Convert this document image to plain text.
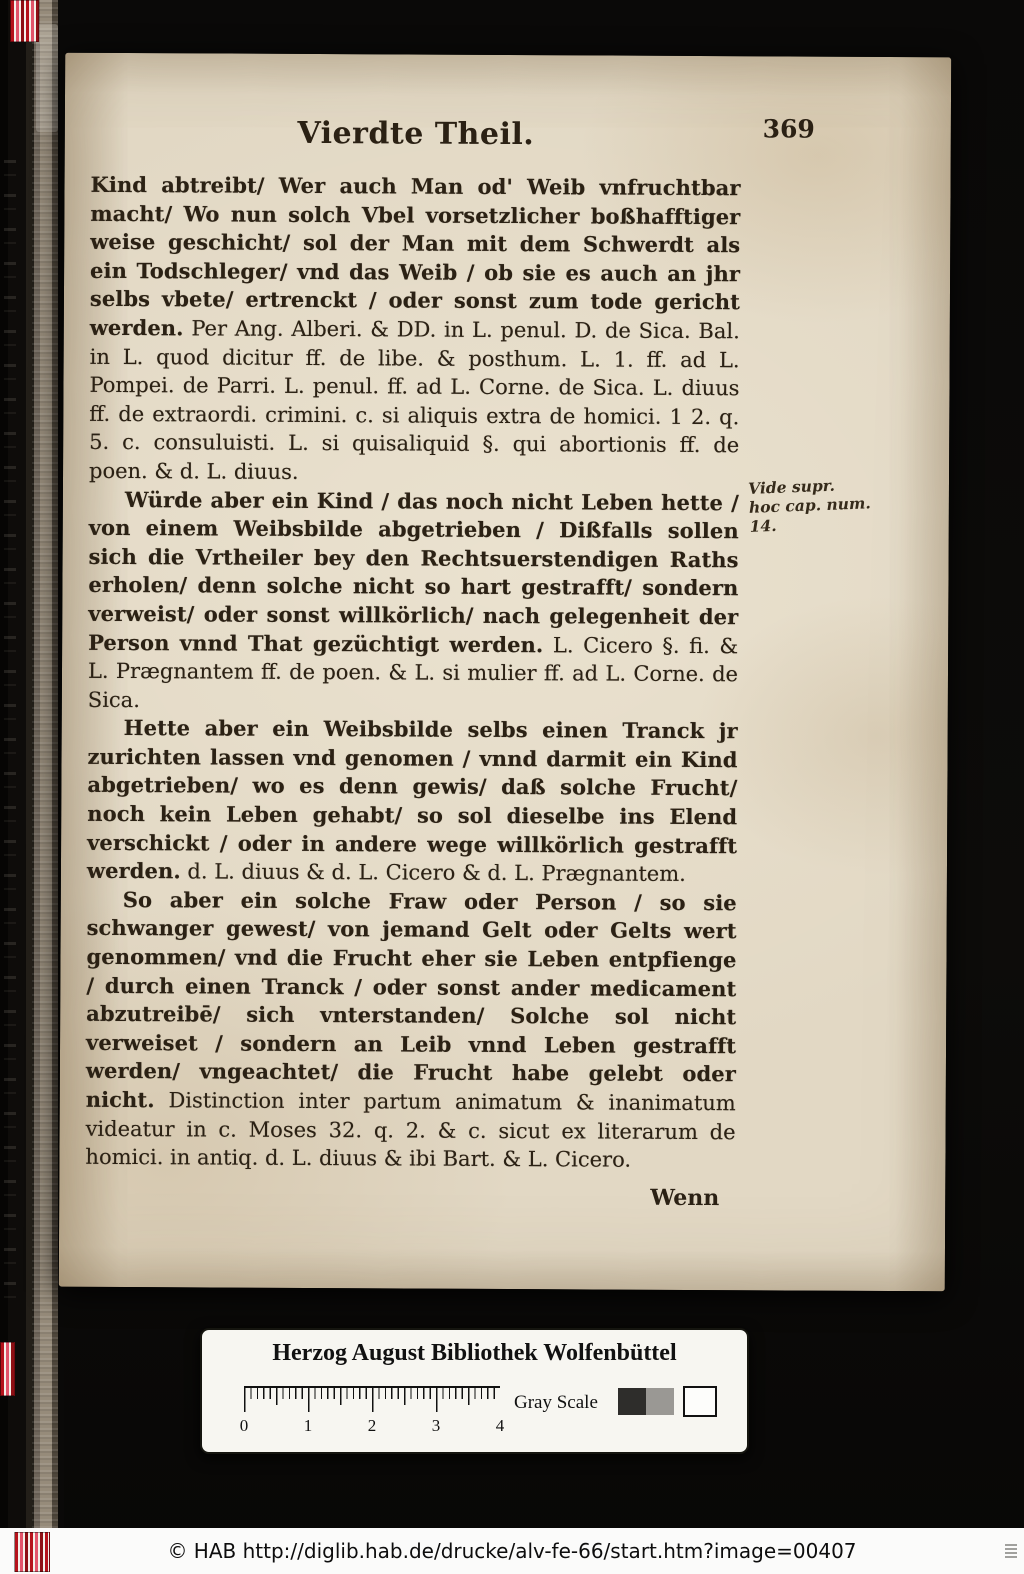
Vierdte Theil.	369

Kind abtreibt/ Wer auch Man od' Weib vnfruchtbar macht/ Wo nun solch Vbel vorsetzlicher boßhafftiger weise geschicht/ sol der Man mit dem Schwerdt als ein Todschleger/ vnd das Weib / ob sie es auch an jhr selbs vbete/ ertrenckt / oder sonst zum tode gericht werden. Per Ang. Alberi. & DD. in L. penul. D. de Sica. Bal. in L. quod dicitur ff. de libe. & posthum. L. 1. ff. ad L. Pompei. de Parri. L. penul. ff. ad L. Corne. de Sica. L. diuus ff. de extraordi. crimini. c. si aliquis extra de homici. 1 2. q. 5. c. consuluisti. L. si quisaliquid §. qui abortionis ff. de poen. & d. L. diuus.

Würde aber ein Kind / das noch nicht Leben hette / von einem Weibsbilde abgetrieben / Dißfalls sollen sich die Vrtheiler bey den Rechtsuerstendigen Raths erholen/ denn solche nicht so hart gestrafft/ sondern verweist/ oder sonst willkörlich/ nach gelegenheit der Person vnnd That gezüchtigt werden. L. Cicero §. fi. & L. Prægnantem ff. de poen. & L. si mulier ff. ad L. Corne. de Sica.

Hette aber ein Weibsbilde selbs einen Tranck jr zurichten lassen vnd genomen / vnnd darmit ein Kind abgetrieben/ wo es denn gewis/ daß solche Frucht/ noch kein Leben gehabt/ so sol dieselbe ins Elend verschickt / oder in andere wege willkörlich gestrafft werden. d. L. diuus & d. L. Cicero & d. L. Prægnantem.

So aber ein solche Fraw oder Person / so sie schwanger gewest/ von jemand Gelt oder Gelts wert genommen/ vnd die Frucht eher sie Leben entpfienge / durch einen Tranck / oder sonst ander medicament abzutreibē/ sich vnterstanden/ Solche sol nicht verweiset / sondern an Leib vnnd Leben gestrafft werden/ vngeachtet/ die Frucht habe gelebt oder nicht. Distinction inter partum animatum & inanimatum videatur in c. Moses 32. q. 2. & c. sicut ex literarum de homici. in antiq. d. L. diuus & ibi Bart. & L. Cicero.

Wenn
Vide supr. hoc cap. num. 14.
Herzog August Bibliothek Wolfenbüttel
0	1	2	3	4
Gray Scale
© HAB http://diglib.hab.de/drucke/alv-fe-66/start.htm?image=00407
